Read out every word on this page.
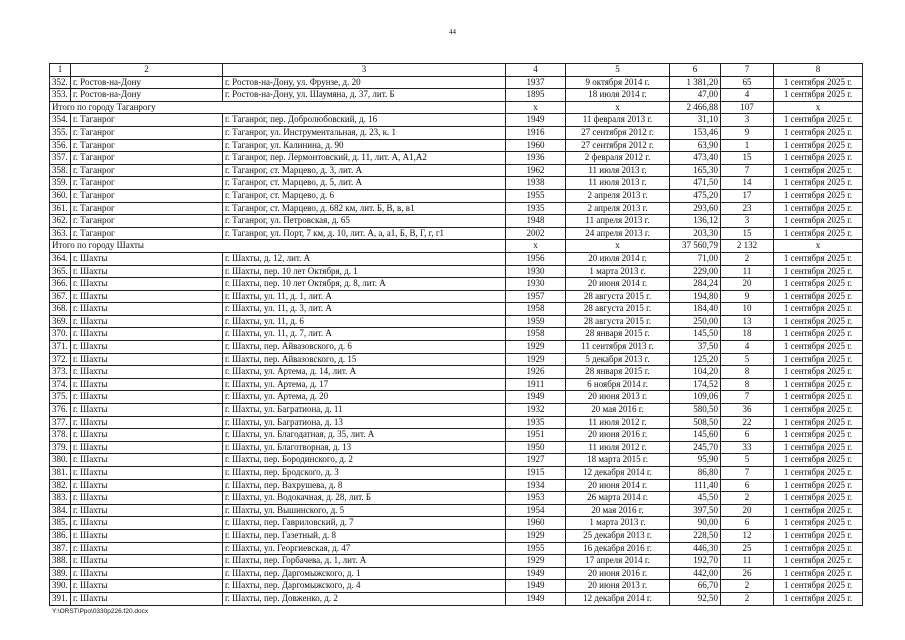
44
1	2	3	4	5	6	7	8
352.	г. Ростов-на-Дону	г. Ростов-на-Дону, ул. Фрунзе, д. 20	1937	9 октября 2014 г.	1 381,20	65	1 сентября 2025 г.
353.	г. Ростов-на-Дону	г. Ростов-на-Дону, ул. Шаумяна, д. 37, лит. Б	1895	18 июля 2014 г.	47,00	4	1 сентября 2025 г.
Итого по городу Таганрогу			x	x	2 466,88	107	x
354.	г. Таганрог	г. Таганрог, пер. Добролюбовский, д. 16	1949	11 февраля 2013 г.	31,10	3	1 сентября 2025 г.
355.	г. Таганрог	г. Таганрог, ул. Инструментальная, д. 23, к. 1	1916	27 сентября 2012 г.	153,46	9	1 сентября 2025 г.
356.	г. Таганрог	г. Таганрог, ул. Калинина, д. 90	1960	27 сентября 2012 г.	63,90	1	1 сентября 2025 г.
357.	г. Таганрог	г. Таганрог, пер. Лермонтовский, д. 11, лит. А, А1,А2	1936	2 февраля 2012 г.	473,40	15	1 сентября 2025 г.
358.	г. Таганрог	г. Таганрог, ст. Марцево, д. 3, лит. А	1962	11 июля 2013 г.	165,30	7	1 сентября 2025 г.
359.	г. Таганрог	г. Таганрог, ст. Марцево, д. 5, лит. А	1938	11 июля 2013 г.	471,50	14	1 сентября 2025 г.
360.	г. Таганрог	г. Таганрог, ст. Марцево, д. 6	1955	2 апреля 2013 г.	475,20	17	1 сентября 2025 г.
361.	г. Таганрог	г. Таганрог, ст. Марцево, д. 682 км, лит. Б, В, в, в1	1935	2 апреля 2013 г.	293,60	23	1 сентября 2025 г.
362.	г. Таганрог	г. Таганрог, ул. Петровская, д. 65	1948	11 апреля 2013 г.	136,12	3	1 сентября 2025 г.
363.	г. Таганрог	г. Таганрог, ул. Порт, 7 км, д. 10, лит. А, а, а1, Б, В, Г, г, г1	2002	24 апреля 2013 г.	203,30	15	1 сентября 2025 г.
Итого по городу Шахты			x	x	37 560,79	2 132	x
364.	г. Шахты	г. Шахты, д. 12, лит. А	1956	20 июля 2014 г.	71,00	2	1 сентября 2025 г.
365.	г. Шахты	г. Шахты, пер. 10 лет Октября, д. 1	1930	1 марта 2013 г.	229,00	11	1 сентября 2025 г.
366.	г. Шахты	г. Шахты, пер. 10 лет Октября, д. 8, лит. А	1930	20 июня 2014 г.	284,24	20	1 сентября 2025 г.
367.	г. Шахты	г. Шахты, ул. 11, д. 1, лит. А	1957	28 августа 2015 г.	194,80	9	1 сентября 2025 г.
368.	г. Шахты	г. Шахты, ул. 11, д. 3, лит. А	1958	28 августа 2015 г.	184,40	10	1 сентября 2025 г.
369.	г. Шахты	г. Шахты, ул. 11, д. 6	1959	28 августа 2015 г.	250,00	13	1 сентября 2025 г.
370.	г. Шахты	г. Шахты, ул. 11, д. 7, лит. А	1958	28 января 2015 г.	145,50	18	1 сентября 2025 г.
371.	г. Шахты	г. Шахты, пер. Айвазовского, д. 6	1929	11 сентября 2013 г.	37,50	4	1 сентября 2025 г.
372.	г. Шахты	г. Шахты, пер. Айвазовского, д. 15	1929	5 декабря 2013 г.	125,20	5	1 сентября 2025 г.
373.	г. Шахты	г. Шахты, ул. Артема, д. 14, лит. А	1926	28 января 2015 г.	104,20	8	1 сентября 2025 г.
374.	г. Шахты	г. Шахты, ул. Артема, д. 17	1911	6 ноября 2014 г.	174,52	8	1 сентября 2025 г.
375.	г. Шахты	г. Шахты, ул. Артема, д. 20	1949	20 июня 2013 г.	109,06	7	1 сентября 2025 г.
376.	г. Шахты	г. Шахты, ул. Багратиона, д. 11	1932	20 мая 2016 г.	580,50	36	1 сентября 2025 г.
377.	г. Шахты	г. Шахты, ул. Багратиона, д. 13	1935	11 июля 2012 г.	508,50	22	1 сентября 2025 г.
378.	г. Шахты	г. Шахты, ул. Благодатная, д. 35, лит. А	1951	20 июня 2016 г.	145,60	6	1 сентября 2025 г.
379.	г. Шахты	г. Шахты, ул. Благотворная, д. 13	1950	11 июля 2012 г.	245,70	33	1 сентября 2025 г.
380.	г. Шахты	г. Шахты, пер. Бородинского, д. 2	1927	18 марта 2015 г.	95,90	5	1 сентября 2025 г.
381.	г. Шахты	г. Шахты, пер. Бродского, д. 3	1915	12 декабря 2014 г.	86,80	7	1 сентября 2025 г.
382.	г. Шахты	г. Шахты, пер. Вахрушева, д. 8	1934	20 июня 2014 г.	111,40	6	1 сентября 2025 г.
383.	г. Шахты	г. Шахты, ул. Водокачная, д. 28, лит. Б	1953	26 марта 2014 г.	45,50	2	1 сентября 2025 г.
384.	г. Шахты	г. Шахты, ул. Вышинского, д. 5	1954	20 мая 2016 г.	397,50	20	1 сентября 2025 г.
385.	г. Шахты	г. Шахты, пер. Гавриловский, д. 7	1960	1 марта 2013 г.	90,00	6	1 сентября 2025 г.
386.	г. Шахты	г. Шахты, пер. Газетный, д. 8	1929	25 декабря 2013 г.	228,50	12	1 сентября 2025 г.
387.	г. Шахты	г. Шахты, ул. Георгиевская, д. 47	1955	16 декабря 2016 г.	446,30	25	1 сентября 2025 г.
388.	г. Шахты	г. Шахты, пер. Горбачева, д. 1, лит. А	1929	17 апреля 2014 г.	192,70	11	1 сентября 2025 г.
389.	г. Шахты	г. Шахты, пер. Даргомыжского, д. 1	1949	20 июня 2016 г.	442,00	26	1 сентября 2025 г.
390.	г. Шахты	г. Шахты, пер. Даргомыжского, д. 4	1949	20 июня 2013 г.	66,70	2	1 сентября 2025 г.
391.	г. Шахты	г. Шахты, пер. Довженко, д. 2	1949	12 декабря 2014 г.	92,50	2	1 сентября 2025 г.
Y:\ORST\Ppo\0330p226.f20.docx
